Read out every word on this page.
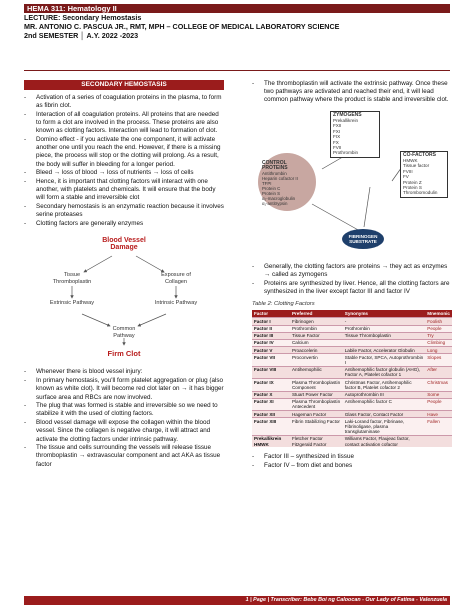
HEMA 311: Hematology II
LECTURE: Secondary Hemostasis
MR. ANTONIO C. PASCUA JR., RMT, MPH – COLLEGE OF MEDICAL LABORATORY SCIENCE
2nd SEMESTER │ A.Y. 2022 -2023
SECONDARY HEMOSTASIS
- Activation of a series of coagulation proteins in the plasma, to form as fibrin clot.
- Interaction of all coagulation proteins. All proteins that are needed to form a clot are involved in the process. These proteins are also known as clotting factors. Interaction will lead to formation of clot.
- Domino effect - if you activate the one component, it will activate another one until you reach the end. However, if there is a missing piece, the process will stop or the clotting will prolong. As a result, the body will suffer in bleeding for a longer period.
- Bleed → loss of blood → loss of nutrients → loss of cells
- Hence, it is important that clotting factors will interact with one another, with platelets and chemicals. It will ensure that the body will form a stable and irreversible clot
- Secondary hemostasis is an enzymatic reaction because it involves serine proteases
- Clotting factors are generally enzymes
Blood Vessel Damage
Tissue Thromboplastin
Exposure of Collagen
Extrinsic Pathway	Intrinsic Pathway
Common Pathway
Firm Clot
- Whenever there is blood vessel injury:
- In primary hemostasis, you'll form platelet aggregation or plug (also known as white clot). It will become red clot later on → it has bigger surface area and RBCs are now involved.
- The plug that was formed is stable and irreversible so we need to stabilize it with the used of clotting factors.
- Blood vessel damage will expose the collagen within the blood vessel. Since the collagen is negative charge, it will attract and activate the clotting factors under intrinsic pathway.
- The tissue and cells surrounding the vessels will release tissue thromboplastin → extravascular component and act AKA as tissue factor
- The thromboplastin will activate the extrinsic pathway. Once these two pathways are activated and reached their end, it will lead common pathway where the product is stable and irreversible clot.
ZYMOGENS
Prekallikrein
FXII
FXI
FIX
FX
FVII
Prothrombin
CONTROL PROTEINS
Antithrombin
Heparin cofactor II
TFPI
Protein C
Protein S
α₂-macroglobulin
α₁-antitrypsin
CO-FACTORS
HMWK
Tissue factor
FVIII
FV
Protein Z
Protein S
Thrombomodulin
FIBRINOGEN SUBSTRATE
- Generally, the clotting factors are proteins → they act as enzymes → called as zymogens
- Proteins are synthesized by liver. Hence, all the clotting factors are synthesized in the liver except factor III and factor IV
Table 2: Clotting Factors
Factor	Preferred	Synonyms	Mnemonic
Factor I	Fibrinogen	-	Foolish
Factor II	Prothrombin	Prothrombin	People
Factor III	Tissue Factor	Tissue Thromboplastin	Try
Factor IV	Calcium		Climbing
Factor V	Proaccelerin	Labile Factor, Accelerator Globulin	Long
Factor VII	Proconvertin	Stable Factor, SPCA, Autoprothrombin I	Slopes
Factor VIII	Antihemophilic	Antihemophilic factor globulin (AHG), Factor A, Platelet cofactor 1	After
Factor IX	Plasma Thromboplastin Component	Christmas Factor, Antihemophilic factor B, Platelet cofactor 2	Christmas
Factor X	Stuart Power Factor	Autoprothrombin III	Some
Factor XI	Plasma Thromboplastin Antecedent	Antihemophilic factor C	People
Factor XII	Hageman Factor	Glass Factor, Contact Factor	Have
Factor XIII	Fibrin Stabilizing Factor	Laki-Lorand factor, Fibrinase, Fibrinoligase, plasma transglutaminase	Fallen
Prekallikrein HMWK	Fletcher Factor Fitzgerald Factor	Williams Factor, Flaujeac factor, contact activation cofactor	
- Factor III – synthesized in tissue
- Factor IV – from diet and bones
1 | Page | Transcriber: Bebe Boi ng Caloocan - Our Lady of Fatima - Valenzuela
